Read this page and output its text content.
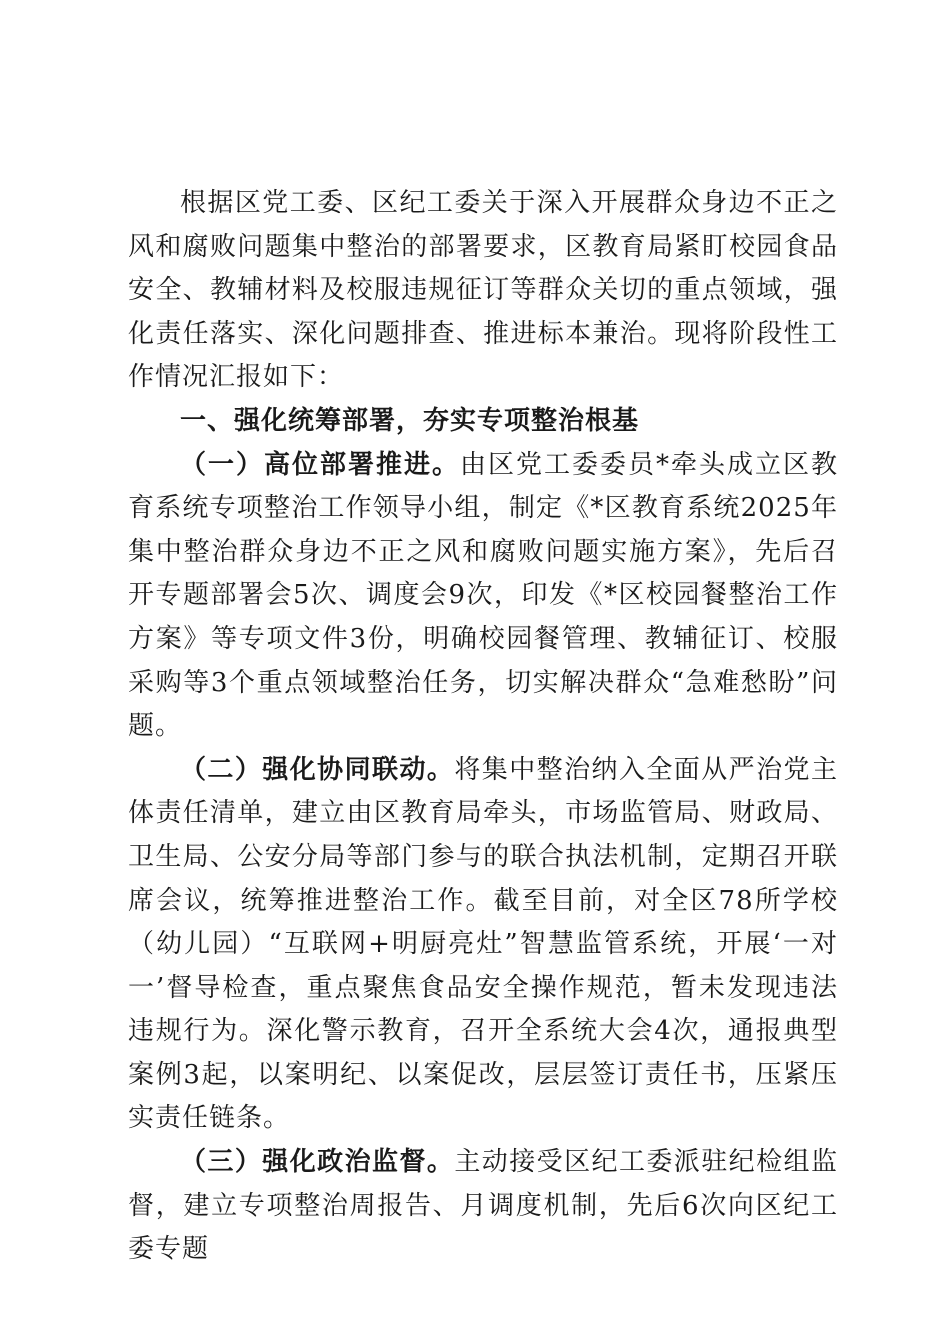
根据区党工委、区纪工委关于深入开展群众身边不正之风和腐败问题集中整治的部署要求，区教育局紧盯校园食品安全、教辅材料及校服违规征订等群众关切的重点领域，强化责任落实、深化问题排查、推进标本兼治。现将阶段性工作情况汇报如下：

一、强化统筹部署，夯实专项整治根基

（一）高位部署推进。由区党工委委员*牵头成立区教育系统专项整治工作领导小组，制定《*区教育系统2025年集中整治群众身边不正之风和腐败问题实施方案》，先后召开专题部署会5次、调度会9次，印发《*区校园餐整治工作方案》等专项文件3份，明确校园餐管理、教辅征订、校服采购等3个重点领域整治任务，切实解决群众“急难愁盼”问题。

（二）强化协同联动。将集中整治纳入全面从严治党主体责任清单，建立由区教育局牵头，市场监管局、财政局、卫生局、公安分局等部门参与的联合执法机制，定期召开联席会议，统筹推进整治工作。截至目前，对全区78所学校（幼儿园）“互联网+明厨亮灶”智慧监管系统，开展‘一对一’督导检查，重点聚焦食品安全操作规范，暂未发现违法违规行为。深化警示教育，召开全系统大会4次，通报典型案例3起，以案明纪、以案促改，层层签订责任书，压紧压实责任链条。

（三）强化政治监督。主动接受区纪工委派驻纪检组监督，建立专项整治周报告、月调度机制，先后6次向区纪工委专题
